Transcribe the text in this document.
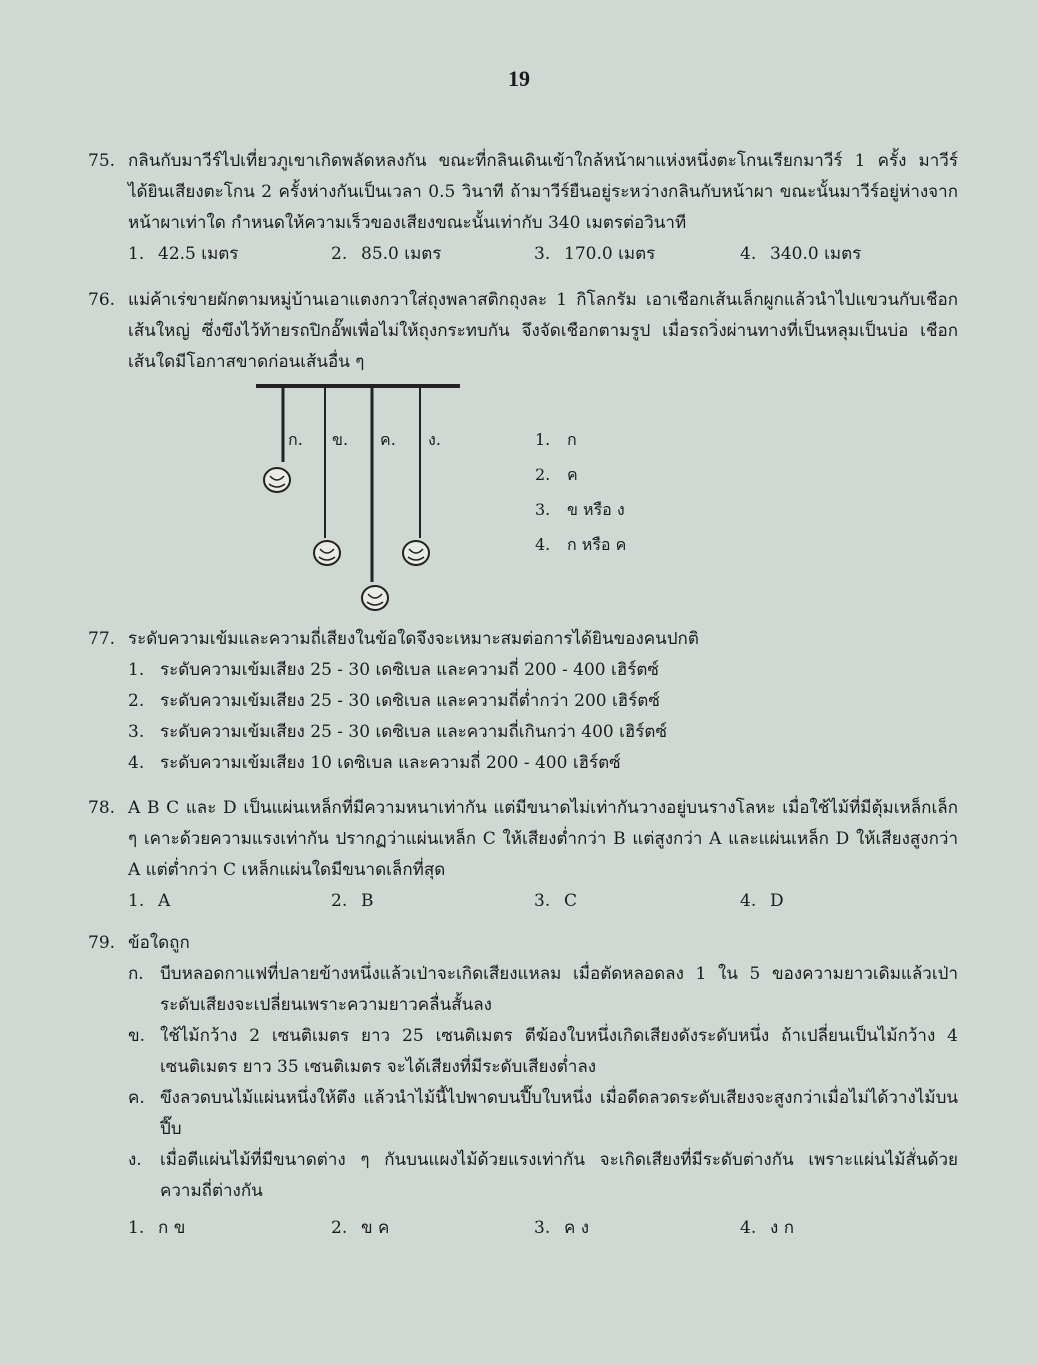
19
75. กลินกับมาวีร์ไปเที่ยวภูเขาเกิดพลัดหลงกัน ขณะที่กลินเดินเข้าใกล้หน้าผาแห่งหนึ่งตะโกนเรียกมาวีร์ 1 ครั้ง มาวีร์ได้ยินเสียงตะโกน 2 ครั้งห่างกันเป็นเวลา 0.5 วินาที ถ้ามาวีร์ยืนอยู่ระหว่างกลินกับหน้าผา ขณะนั้นมาวีร์อยู่ห่างจากหน้าผาเท่าใด กำหนดให้ความเร็วของเสียงขณะนั้นเท่ากับ 340 เมตรต่อวินาที
1. 42.5 เมตร	2. 85.0 เมตร	3. 170.0 เมตร	4. 340.0 เมตร
76. แม่ค้าเร่ขายผักตามหมู่บ้านเอาแตงกวาใส่ถุงพลาสติกถุงละ 1 กิโลกรัม เอาเชือกเส้นเล็กผูกแล้วนำไปแขวนกับเชือกเส้นใหญ่ ซึ่งขึงไว้ท้ายรถปิกอั๊พเพื่อไม่ให้ถุงกระทบกัน จึงจัดเชือกตามรูป เมื่อรถวิ่งผ่านทางที่เป็นหลุมเป็นบ่อ เชือกเส้นใดมีโอกาสขาดก่อนเส้นอื่น ๆ
ก. ข. ค. ง.	1. ก
2. ค
3. ข หรือ ง
4. ก หรือ ค
77. ระดับความเข้มและความถี่เสียงในข้อใดจึงจะเหมาะสมต่อการได้ยินของคนปกติ
1. ระดับความเข้มเสียง 25 - 30 เดซิเบล และความถี่ 200 - 400 เฮิร์ตซ์
2. ระดับความเข้มเสียง 25 - 30 เดซิเบล และความถี่ต่ำกว่า 200 เฮิร์ตซ์
3. ระดับความเข้มเสียง 25 - 30 เดซิเบล และความถี่เกินกว่า 400 เฮิร์ตซ์
4. ระดับความเข้มเสียง 10 เดซิเบล และความถี่ 200 - 400 เฮิร์ตซ์
78. A B C และ D เป็นแผ่นเหล็กที่มีความหนาเท่ากัน แต่มีขนาดไม่เท่ากันวางอยู่บนรางโลหะ เมื่อใช้ไม้ที่มีตุ้มเหล็กเล็ก ๆ เคาะด้วยความแรงเท่ากัน ปรากฏว่าแผ่นเหล็ก C ให้เสียงต่ำกว่า B แต่สูงกว่า A และแผ่นเหล็ก D ให้เสียงสูงกว่า A แต่ต่ำกว่า C เหล็กแผ่นใดมีขนาดเล็กที่สุด
1. A	2. B	3. C	4. D
79. ข้อใดถูก
ก. บีบหลอดกาแฟที่ปลายข้างหนึ่งแล้วเป่าจะเกิดเสียงแหลม เมื่อตัดหลอดลง 1 ใน 5 ของความยาวเดิมแล้วเป่า ระดับเสียงจะเปลี่ยนเพราะความยาวคลื่นสั้นลง
ข. ใช้ไม้กว้าง 2 เซนติเมตร ยาว 25 เซนติเมตร ตีฆ้องใบหนึ่งเกิดเสียงดังระดับหนึ่ง ถ้าเปลี่ยนเป็นไม้กว้าง 4 เซนติเมตร ยาว 35 เซนติเมตร จะได้เสียงที่มีระดับเสียงต่ำลง
ค. ขึงลวดบนไม้แผ่นหนึ่งให้ตึง แล้วนำไม้นี้ไปพาดบนปี๊บใบหนึ่ง เมื่อดีดลวดระดับเสียงจะสูงกว่าเมื่อไม่ได้วางไม้บนปี๊บ
ง. เมื่อตีแผ่นไม้ที่มีขนาดต่าง ๆ กันบนแผงไม้ด้วยแรงเท่ากัน จะเกิดเสียงที่มีระดับต่างกัน เพราะแผ่นไม้สั่นด้วยความถี่ต่างกัน
1. ก ข	2. ข ค	3. ค ง	4. ง ก
